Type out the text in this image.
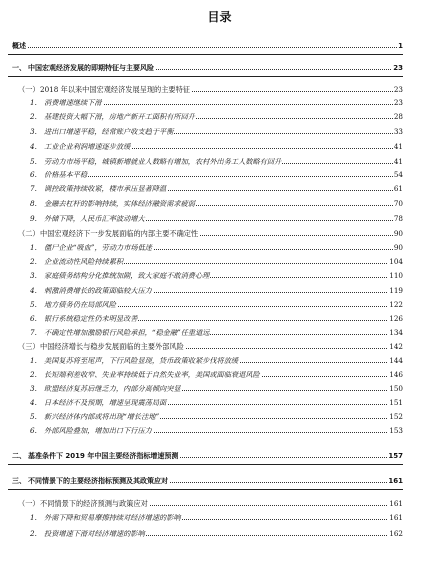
目录
概述	1
一、 中国宏观经济发展的即期特征与主要风险	23
（一）2018 年以来中国宏观经济发展呈现的主要特征	23
1. 消费增速继续下滑	23
2. 基建投资大幅下滑，房地产新开工面积有所回升	28
3. 进出口增速平稳，经常账户收支趋于平衡	33
4. 工业企业利润增速逐步放缓	41
5. 劳动力市场平稳，城镇新增就业人数略有增加，农村外出务工人数略有回升	41
6. 价格基本平稳	54
7. 调控政策持续收紧，楼市承压显著降温	61
8. 金融去杠杆的影响持续，实体经济融资需求疲弱	70
9. 外储下降，人民币汇率波动增大	78
（二）中国宏观经济下一步发展面临的内部主要不确定性	90
1. 僵尸企业“吸血”，劳动力市场低迷	90
2. 企业流动性风险持续累积	104
3. 家庭债务结构分化推统加剧，致大家庭不敢消费心理	110
4. 刺激消费增长的政策面临较大压力	119
5. 地方债务仍在局部风险	122
6. 银行系统稳定性仍未明显改善	126
7. 不确定性增加激励银行风险承担，“稳金融”任重道远	134
（三）中国经济增长与稳步发展面临的主要外部风险	142
1. 美国复苏将至尾声，下行风险显现，货币政策收紧步伐将放缓	144
2. 长短端利差收窄、失业率持续低于自然失业率，美国或面临衰退风险	146
3. 欧盟经济复苏后继乏力，内部分离倾向突显	150
4. 日本经济不及预期，增速呈现震荡局面	151
5. 新兴经济体内部或将出现“增长洼地”	152
6. 外部风险叠加，增加出口下行压力	153
二、 基准条件下 2019 年中国主要经济指标增速预测	157
三、 不同情景下的主要经济指标预测及其政策应对	161
（一）不同情景下的经济预测与政策应对	161
1. 外需下降和贸易摩擦持续对经济增速的影响	161
2. 投资增速下滑对经济增速的影响	162
